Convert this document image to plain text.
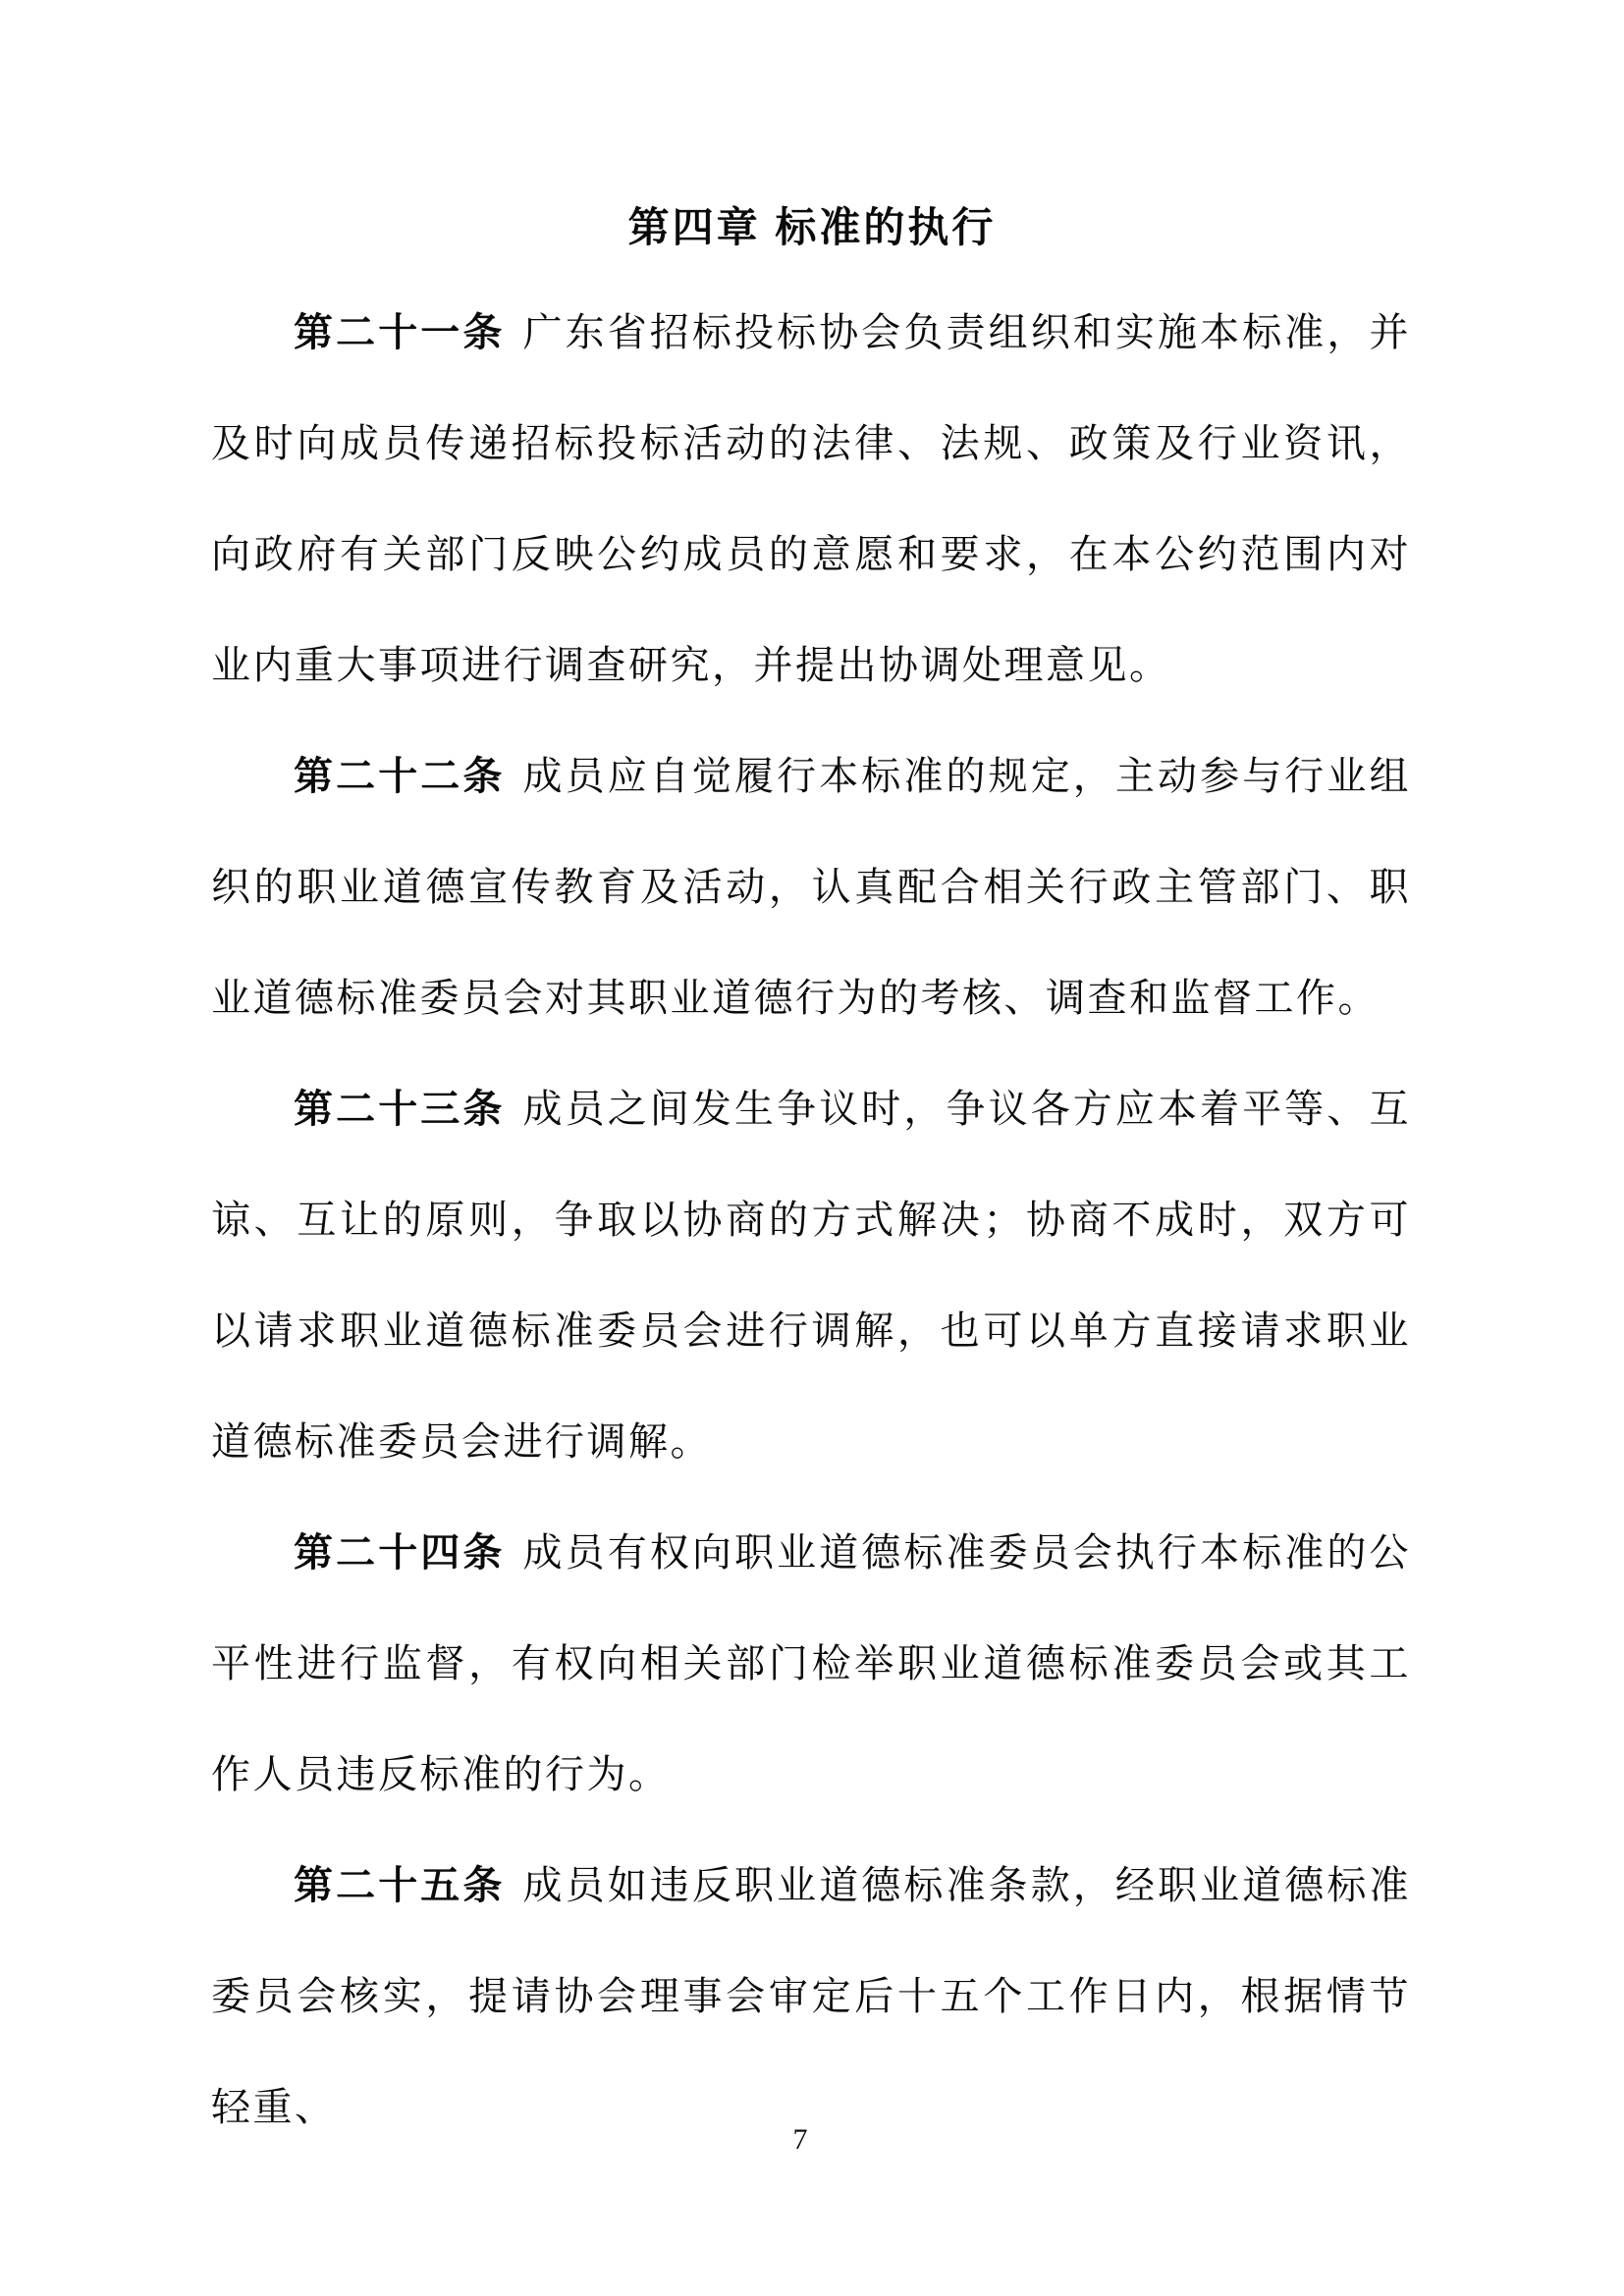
第四章 标准的执行

第二十一条 广东省招标投标协会负责组织和实施本标准，并及时向成员传递招标投标活动的法律、法规、政策及行业资讯，向政府有关部门反映公约成员的意愿和要求，在本公约范围内对业内重大事项进行调查研究，并提出协调处理意见。

第二十二条 成员应自觉履行本标准的规定，主动参与行业组织的职业道德宣传教育及活动，认真配合相关行政主管部门、职业道德标准委员会对其职业道德行为的考核、调查和监督工作。

第二十三条 成员之间发生争议时，争议各方应本着平等、互谅、互让的原则，争取以协商的方式解决；协商不成时，双方可以请求职业道德标准委员会进行调解，也可以单方直接请求职业道德标准委员会进行调解。

第二十四条 成员有权向职业道德标准委员会执行本标准的公平性进行监督，有权向相关部门检举职业道德标准委员会或其工作人员违反标准的行为。

第二十五条 成员如违反职业道德标准条款，经职业道德标准委员会核实，提请协会理事会审定后十五个工作日内，根据情节轻重、

7
